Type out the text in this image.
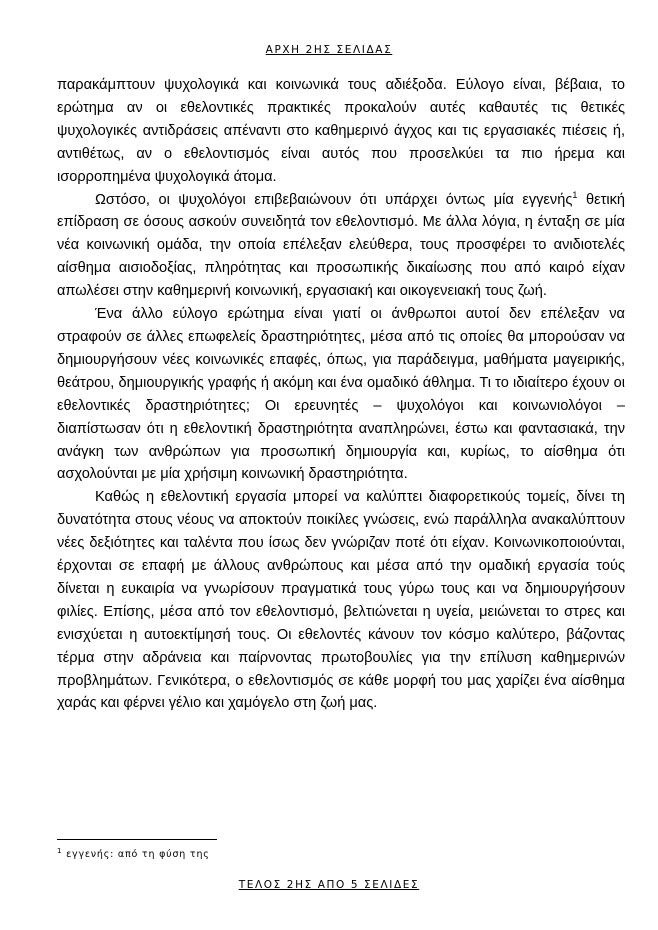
ΑΡΧΗ 2ΗΣ ΣΕΛΙΔΑΣ

παρακάμπτουν ψυχολογικά και κοινωνικά τους αδιέξοδα. Εύλογο είναι, βέβαια, το ερώτημα αν οι εθελοντικές πρακτικές προκαλούν αυτές καθαυτές τις θετικές ψυχολογικές αντιδράσεις απέναντι στο καθημερινό άγχος και τις εργασιακές πιέσεις ή, αντιθέτως, αν ο εθελοντισμός είναι αυτός που προσελκύει τα πιο ήρεμα και ισορροπημένα ψυχολογικά άτομα.

Ωστόσο, οι ψυχολόγοι επιβεβαιώνουν ότι υπάρχει όντως μία εγγενής$^1$ θετική επίδραση σε όσους ασκούν συνειδητά τον εθελοντισμό. Με άλλα λόγια, η ένταξη σε μία νέα κοινωνική ομάδα, την οποία επέλεξαν ελεύθερα, τους προσφέρει το ανιδιοτελές αίσθημα αισιοδοξίας, πληρότητας και προσωπικής δικαίωσης που από καιρό είχαν απωλέσει στην καθημερινή κοινωνική, εργασιακή και οικογενειακή τους ζωή.

Ένα άλλο εύλογο ερώτημα είναι γιατί οι άνθρωποι αυτοί δεν επέλεξαν να στραφούν σε άλλες επωφελείς δραστηριότητες, μέσα από τις οποίες θα μπορούσαν να δημιουργήσουν νέες κοινωνικές επαφές, όπως, για παράδειγμα, μαθήματα μαγειρικής, θεάτρου, δημιουργικής γραφής ή ακόμη και ένα ομαδικό άθλημα. Τι το ιδιαίτερο έχουν οι εθελοντικές δραστηριότητες; Οι ερευνητές – ψυχολόγοι και κοινωνιολόγοι – διαπίστωσαν ότι η εθελοντική δραστηριότητα αναπληρώνει, έστω και φαντασιακά, την ανάγκη των ανθρώπων για προσωπική δημιουργία και, κυρίως, το αίσθημα ότι ασχολούνται με μία χρήσιμη κοινωνική δραστηριότητα.

Καθώς η εθελοντική εργασία μπορεί να καλύπτει διαφορετικούς τομείς, δίνει τη δυνατότητα στους νέους να αποκτούν ποικίλες γνώσεις, ενώ παράλληλα ανακαλύπτουν νέες δεξιότητες και ταλέντα που ίσως δεν γνώριζαν ποτέ ότι είχαν. Κοινωνικοποιούνται, έρχονται σε επαφή με άλλους ανθρώπους και μέσα από την ομαδική εργασία τούς δίνεται η ευκαιρία να γνωρίσουν πραγματικά τους γύρω τους και να δημιουργήσουν φιλίες. Επίσης, μέσα από τον εθελοντισμό, βελτιώνεται η υγεία, μειώνεται το στρες και ενισχύεται η αυτοεκτίμησή τους. Οι εθελοντές κάνουν τον κόσμο καλύτερο, βάζοντας τέρμα στην αδράνεια και παίρνοντας πρωτοβουλίες για την επίλυση καθημερινών προβλημάτων. Γενικότερα, ο εθελοντισμός σε κάθε μορφή του μας χαρίζει ένα αίσθημα χαράς και φέρνει γέλιο και χαμόγελο στη ζωή μας.

$^1$ εγγενής: από τη φύση της
ΤΕΛΟΣ 2ΗΣ ΑΠΟ 5 ΣΕΛΙΔΕΣ
